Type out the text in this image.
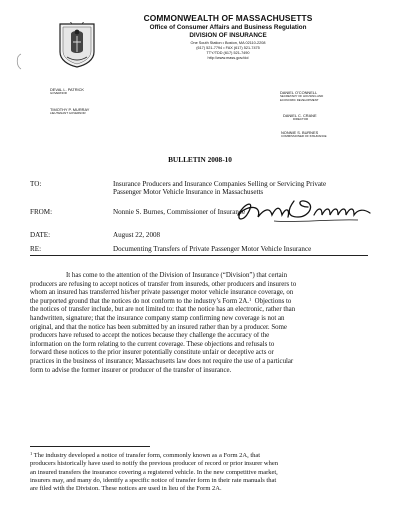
COMMONWEALTH OF MASSACHUSETTS
Office of Consumer Affairs and Business Regulation
DIVISION OF INSURANCE
One South Station • Boston, MA 02110-2208
(617) 521-7794 • FAX (617) 521-7475
TTY/TDD (617) 521-7490
http://www.mass.gov/doi
DEVAL L. PATRICK
GOVERNOR
TIMOTHY P. MURRAY
LIEUTENANT GOVERNOR
DANIEL O'CONNELL
SECRETARY OF HOUSING AND
ECONOMIC DEVELOPMENT
DANIEL C. CRANE
DIRECTOR
NONNIE S. BURNES
COMMISSIONER OF INSURANCE
BULLETIN 2008-10
TO:	Insurance Producers and Insurance Companies Selling or Servicing Private
Passenger Motor Vehicle Insurance in Massachusetts
FROM:	Nonnie S. Burnes, Commissioner of Insurance
DATE:	August 22, 2008
RE:	Documenting Transfers of Private Passenger Motor Vehicle Insurance
It has come to the attention of the Division of Insurance (“Division”) that certain
producers are refusing to accept notices of transfer from insureds, other producers and insurers to
whom an insured has transferred his/her private passenger motor vehicle insurance coverage, on
the purported ground that the notices do not conform to the industry’s Form 2A.$^1$ Objections to
the notices of transfer include, but are not limited to: that the notice has an electronic, rather than
handwritten, signature; that the insurance company stamp confirming new coverage is not an
original, and that the notice has been submitted by an insured rather than by a producer. Some
producers have refused to accept the notices because they challenge the accuracy of the
information on the form relating to the current coverage. These objections and refusals to
forward these notices to the prior insurer potentially constitute unfair or deceptive acts or
practices in the business of insurance; Massachusetts law does not require the use of a particular
form to advise the former insurer or producer of the transfer of insurance.
$^1$ The industry developed a notice of transfer form, commonly known as a Form 2A, that
producers historically have used to notify the previous producer of record or prior insurer when
an insured transfers the insurance covering a registered vehicle. In the new competitive market,
insurers may, and many do, identify a specific notice of transfer form in their rate manuals that
are filed with the Division. These notices are used in lieu of the Form 2A.
